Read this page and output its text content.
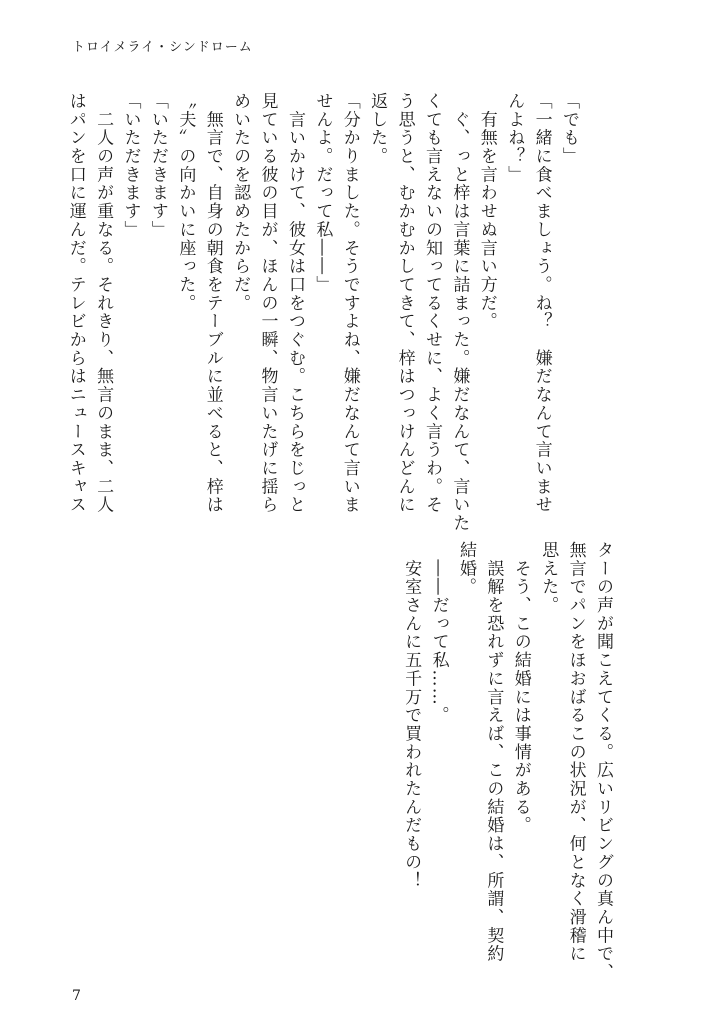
トロイメライ・シンドローム
「でも」
「一緒に食べましょう。ね？　嫌だなんて言いませ
んよね？」
　有無を言わせぬ言い方だ。
　ぐ、っと梓は言葉に詰まった。嫌だなんて、言いた
くても言えないの知ってるくせに、よく言うわ。そ
う思うと、むかむかしてきて、梓はつっけんどんに
返した。
「分かりました。そうですよね、嫌だなんて言いま
せんよ。だって私――」
　言いかけて、彼女は口をつぐむ。こちらをじっと
見ている彼の目が、ほんの一瞬、物言いたげに揺ら
めいたのを認めたからだ。
　無言で、自身の朝食をテーブルに並べると、梓は
〝夫〟の向かいに座った。
「いただきます」
「いただきます」
　二人の声が重なる。それきり、無言のまま、二人
はパンを口に運んだ。テレビからはニュースキャス
ターの声が聞こえてくる。広いリビングの真ん中で、
無言でパンをほおばるこの状況が、何となく滑稽に
思えた。
　そう、この結婚には事情がある。
　誤解を恐れずに言えば、この結婚は、所謂、契約
結婚。
　――だって私……。
　安室さんに五千万で買われたんだもの！
7
